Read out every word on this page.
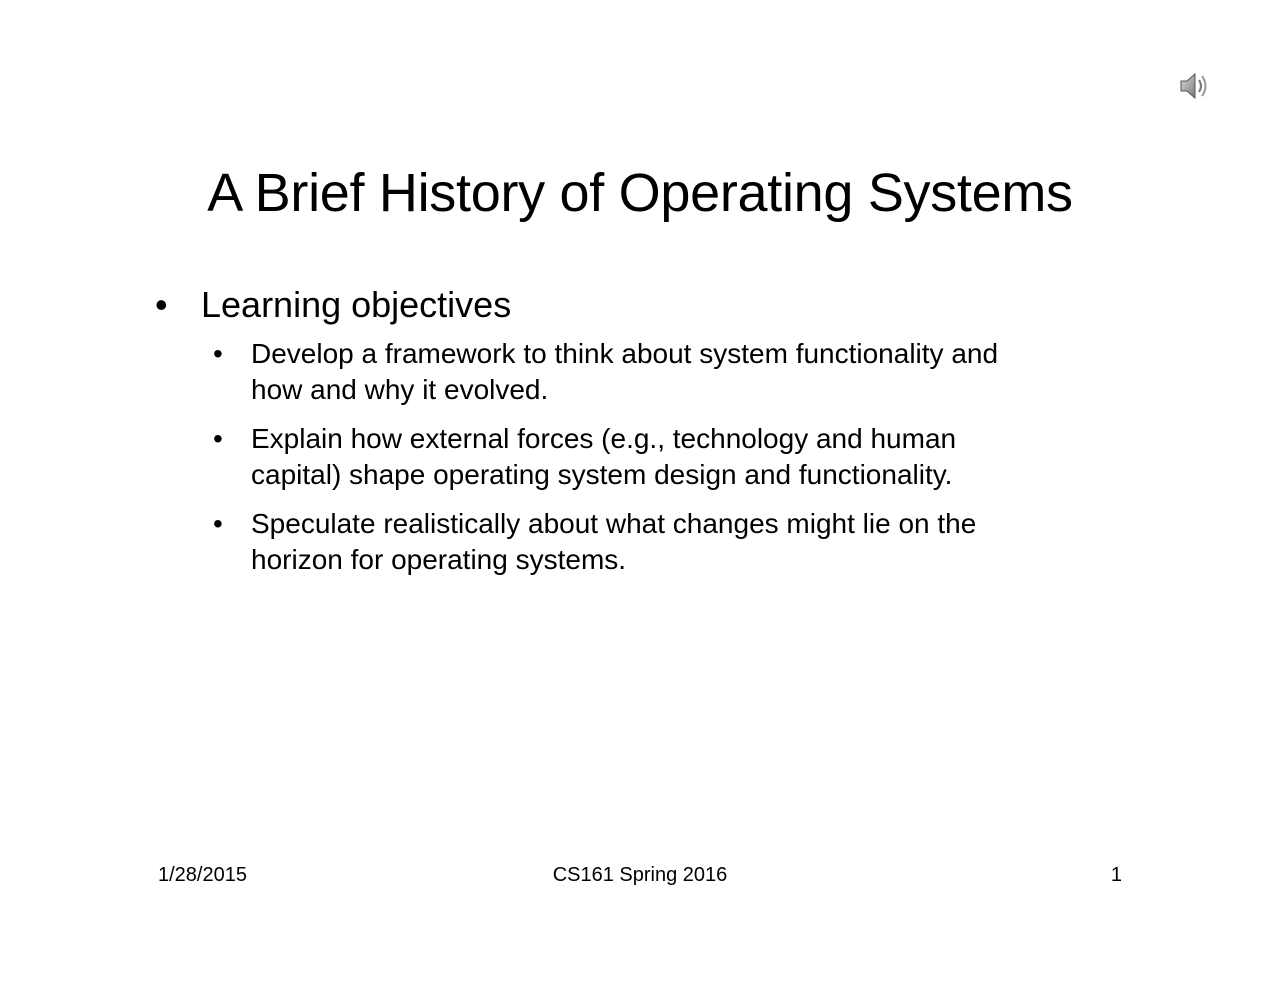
A Brief History of Operating Systems
• Learning objectives
•	Develop a framework to think about system functionality and
how and why it evolved.
•	Explain how external forces (e.g., technology and human
capital) shape operating system design and functionality.
•	Speculate realistically about what changes might lie on the
horizon for operating systems.
1/28/2015	CS161 Spring 2016	1
